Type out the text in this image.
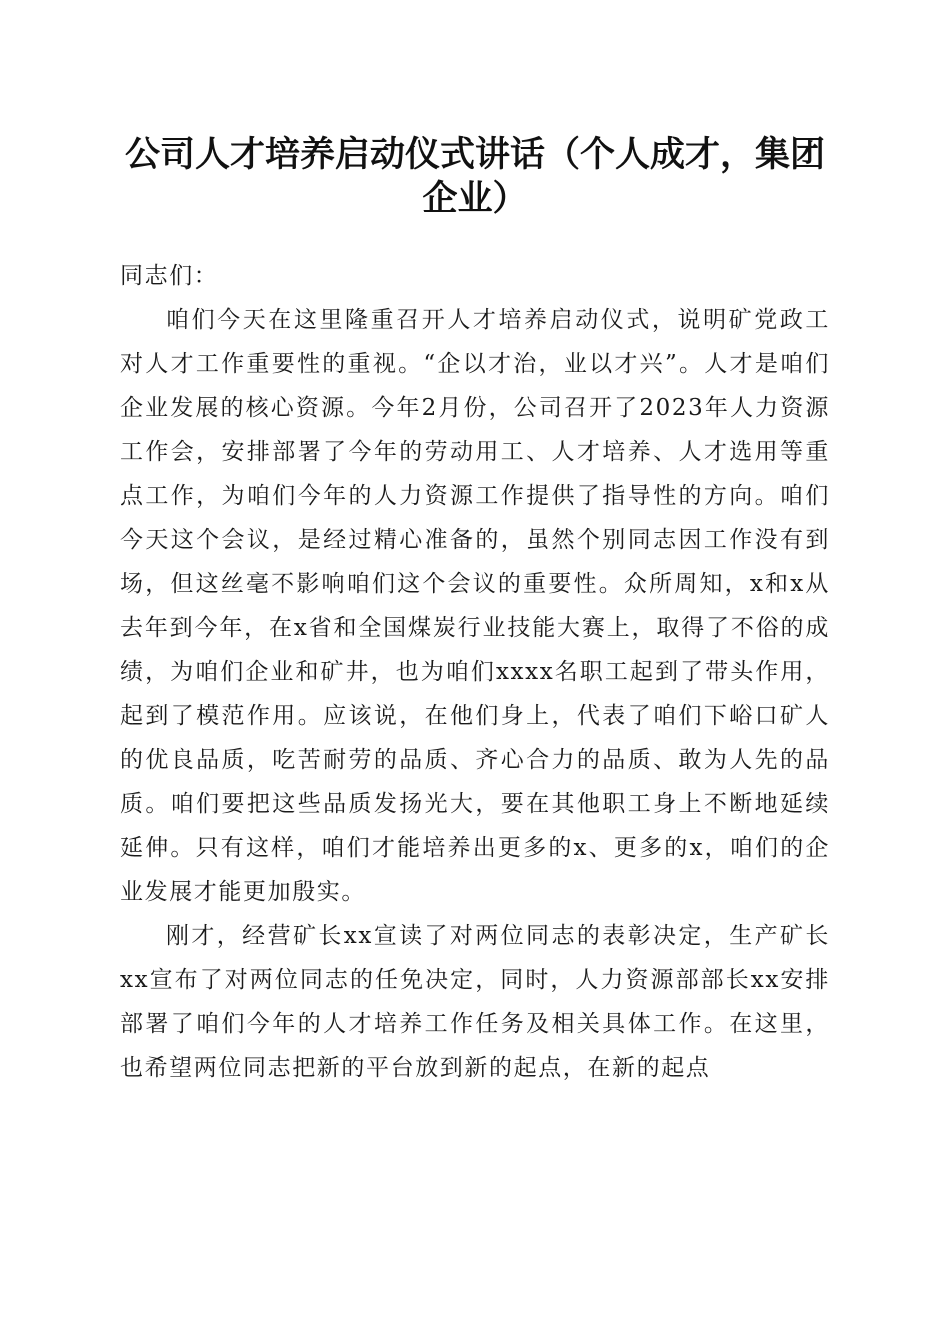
公司人才培养启动仪式讲话（个人成才，集团企业）

同志们：

咱们今天在这里隆重召开人才培养启动仪式，说明矿党政工对人才工作重要性的重视。“企以才治，业以才兴”。人才是咱们企业发展的核心资源。今年2月份，公司召开了2023年人力资源工作会，安排部署了今年的劳动用工、人才培养、人才选用等重点工作，为咱们今年的人力资源工作提供了指导性的方向。咱们今天这个会议，是经过精心准备的，虽然个别同志因工作没有到场，但这丝毫不影响咱们这个会议的重要性。众所周知，x和x从去年到今年，在x省和全国煤炭行业技能大赛上，取得了不俗的成绩，为咱们企业和矿井，也为咱们xxxx名职工起到了带头作用，起到了模范作用。应该说，在他们身上，代表了咱们下峪口矿人的优良品质，吃苦耐劳的品质、齐心合力的品质、敢为人先的品质。咱们要把这些品质发扬光大，要在其他职工身上不断地延续延伸。只有这样，咱们才能培养出更多的x、更多的x，咱们的企业发展才能更加殷实。

刚才，经营矿长xx宣读了对两位同志的表彰决定，生产矿长xx宣布了对两位同志的任免决定，同时，人力资源部部长xx安排部署了咱们今年的人才培养工作任务及相关具体工作。在这里，也希望两位同志把新的平台放到新的起点，在新的起点
